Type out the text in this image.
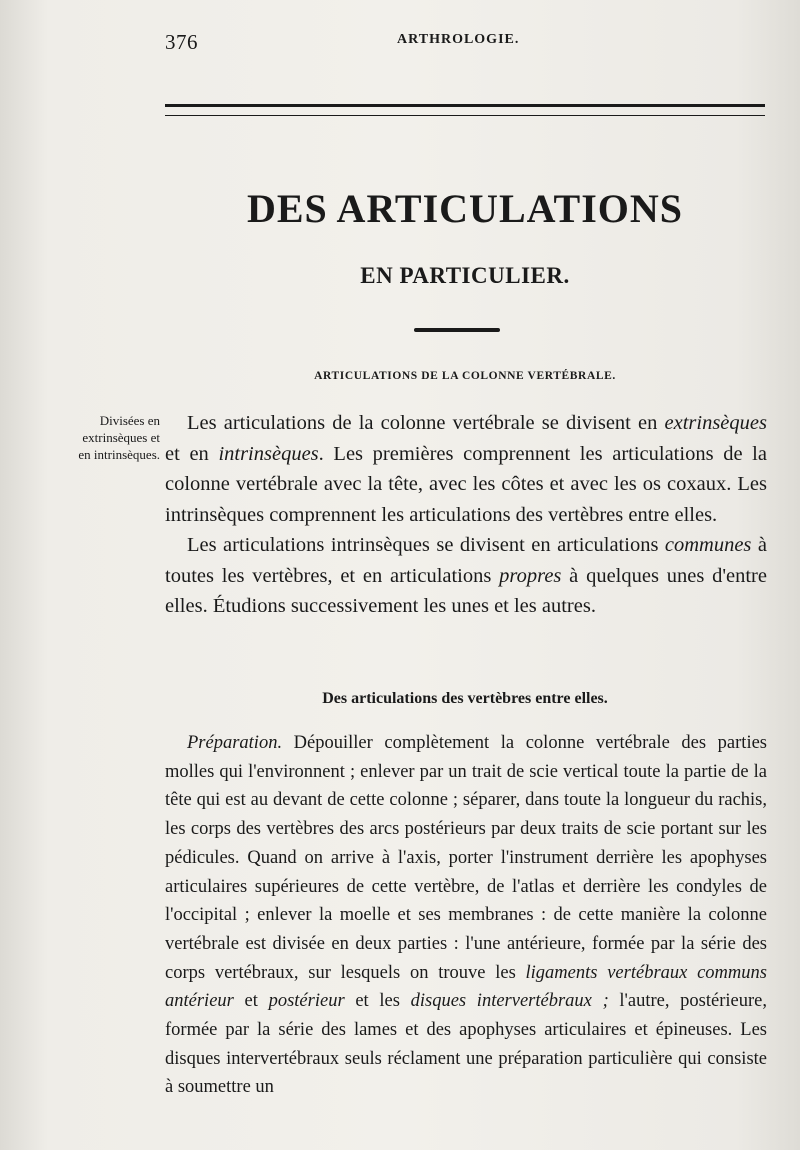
376	ARTHROLOGIE.
DES ARTICULATIONS
EN PARTICULIER.
ARTICULATIONS DE LA COLONNE VERTÉBRALE.
Divisées en
extrinsèques et
en intrinsèques.

Les articulations de la colonne vertébrale se divisent en extrinsèques et en intrinsèques. Les premières comprennent les articulations de la colonne vertébrale avec la tête, avec les côtes et avec les os coxaux. Les intrinsèques comprennent les articulations des vertèbres entre elles.

Les articulations intrinsèques se divisent en articulations communes à toutes les vertèbres, et en articulations propres à quelques unes d'entre elles. Étudions successivement les unes et les autres.

Des articulations des vertèbres entre elles.

Préparation. Dépouiller complètement la colonne vertébrale des parties molles qui l'environnent ; enlever par un trait de scie vertical toute la partie de la tête qui est au devant de cette colonne ; séparer, dans toute la longueur du rachis, les corps des vertèbres des arcs postérieurs par deux traits de scie portant sur les pédicules. Quand on arrive à l'axis, porter l'instrument derrière les apophyses articulaires supérieures de cette vertèbre, de l'atlas et derrière les condyles de l'occipital ; enlever la moelle et ses membranes : de cette manière la colonne vertébrale est divisée en deux parties : l'une antérieure, formée par la série des corps vertébraux, sur lesquels on trouve les ligaments vertébraux communs antérieur et postérieur et les disques intervertébraux ; l'autre, postérieure, formée par la série des lames et des apophyses articulaires et épineuses. Les disques intervertébraux seuls réclament une préparation particulière qui consiste à soumettre un
